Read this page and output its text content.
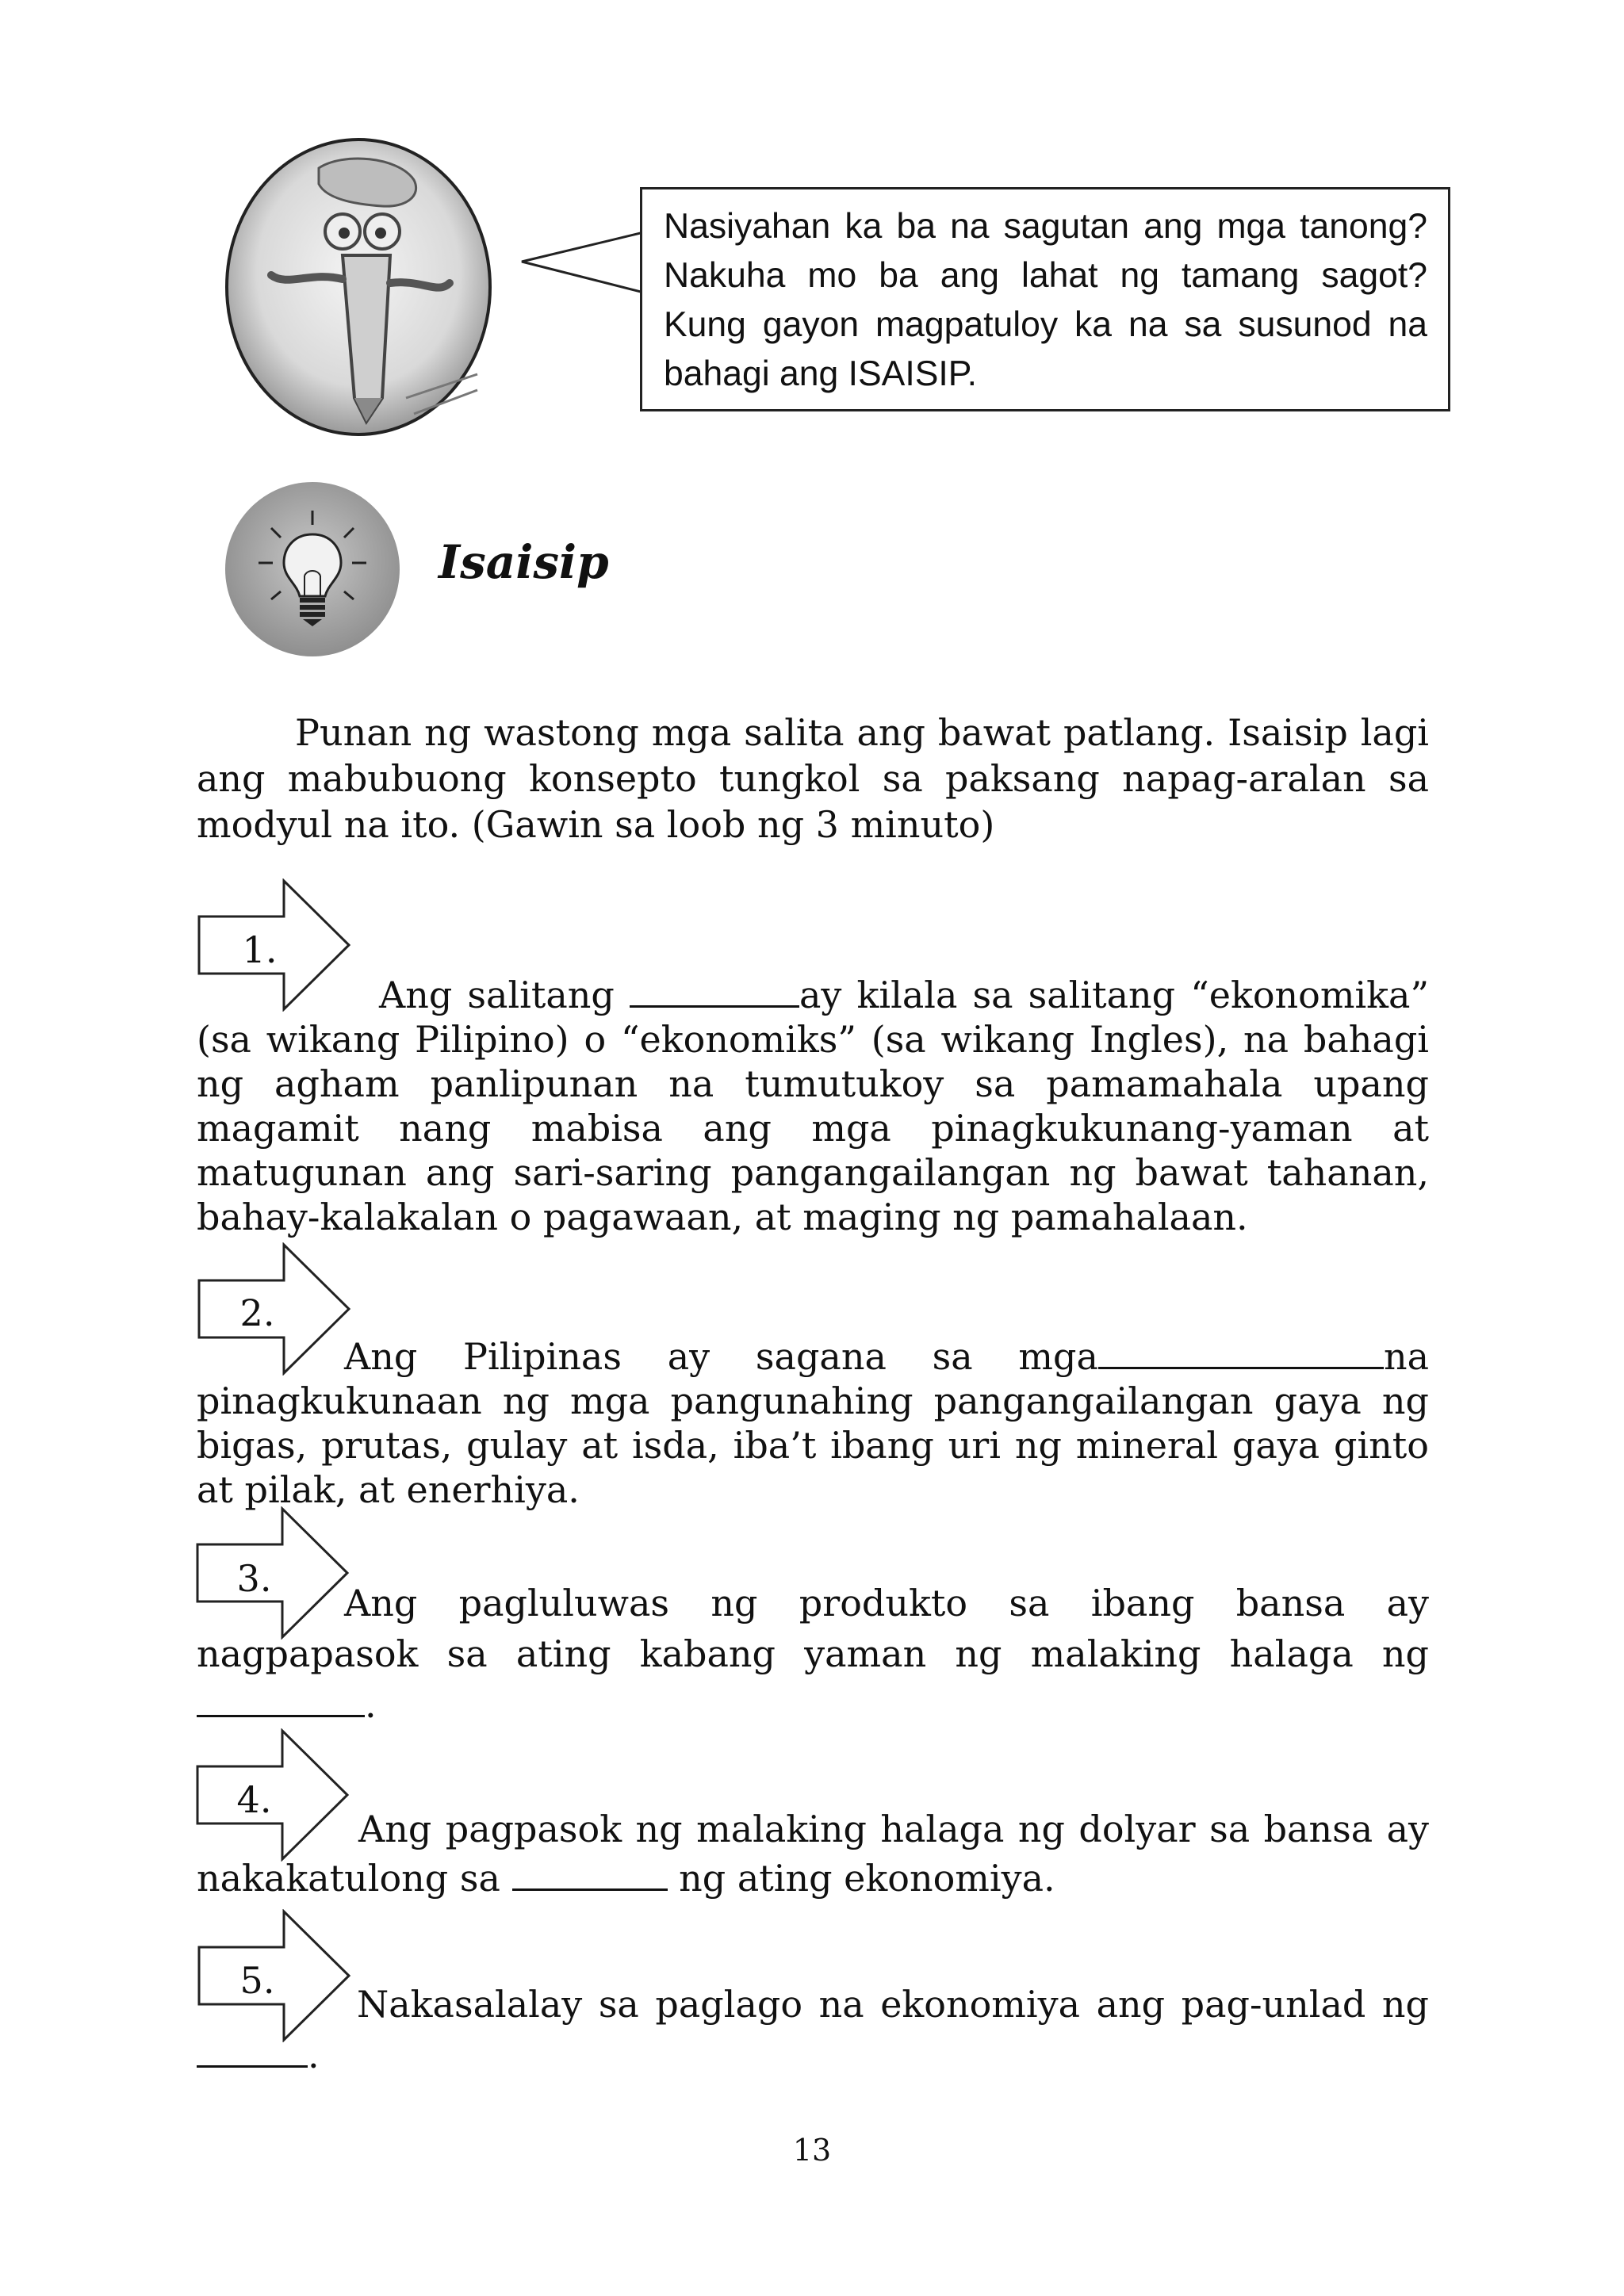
Nasiyahan ka ba na sagutan ang mga tanong? Nakuha mo ba ang lahat ng tamang sagot? Kung gayon magpatuloy ka na sa susunod na bahagi ang ISAISIP.
Isaisip

Punan ng wastong mga salita ang bawat patlang. Isaisip lagi ang mabubuong konsepto tungkol sa paksang napag-aralan sa modyul na ito. (Gawin sa loob ng 3 minuto)

1.
Ang salitang	ay kilala sa salitang “ekonomika” (sa wikang Pilipino) o “ekonomiks” (sa wikang Ingles), na bahagi ng agham panlipunan na tumutukoy sa pamamahala upang magamit nang mabisa ang mga pinagkukunang-yaman at matugunan ang sari-saring pangangailangan ng bawat tahanan, bahay-kalakalan o pagawaan, at maging ng pamahalaan.
2.
Ang Pilipinas ay sagana sa mga	na pinagkukunaan ng mga pangunahing pangangailangan gaya ng bigas, prutas, gulay at isda, iba’t ibang uri ng mineral gaya ginto at pilak, at enerhiya.
3.
Ang pagluluwas ng produkto sa ibang bansa ay nagpapasok sa ating kabang yaman ng malaking halaga ng .
4.
Ang pagpasok ng malaking halaga ng dolyar sa bansa ay nakakatulong sa	ng ating ekonomiya.
5.
Nakasalalay sa paglago na ekonomiya ang pag-unlad ng .
13
